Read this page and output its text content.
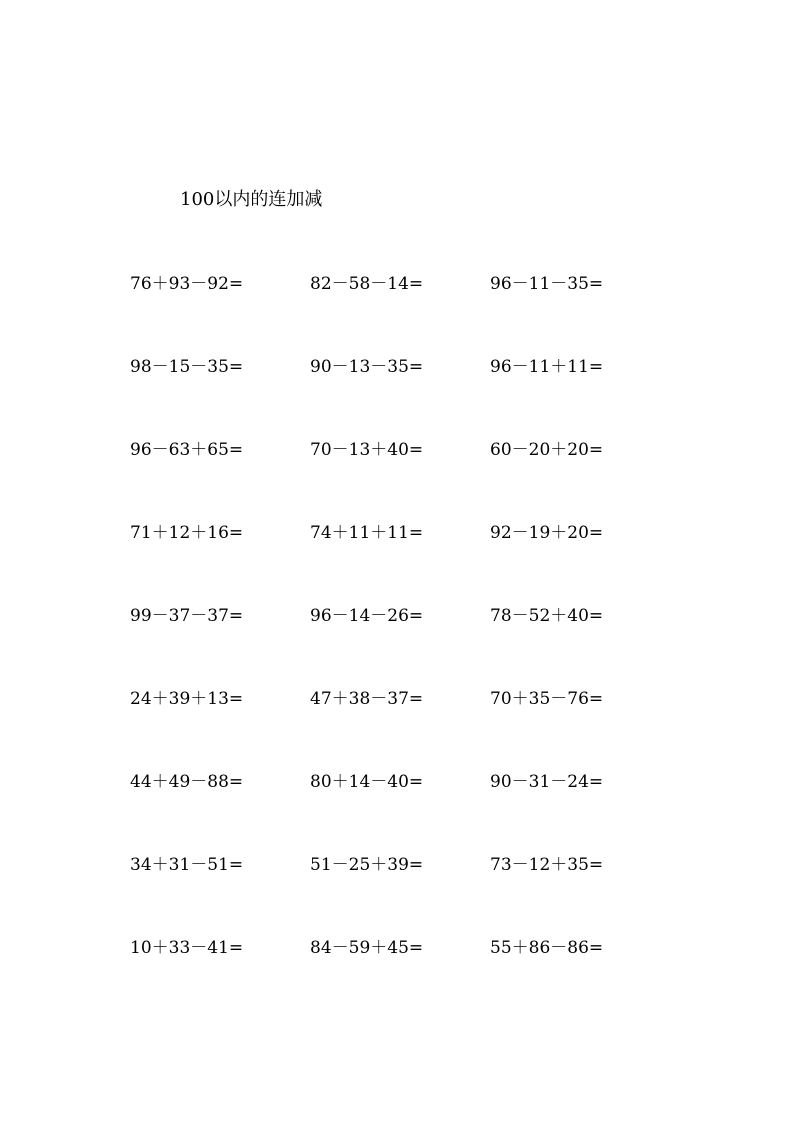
100以内的连加减
76＋93－92=	82－58－14=	96－11－35=
98－15－35=	90－13－35=	96－11＋11=
96－63＋65=	70－13＋40=	60－20＋20=
71＋12＋16=	74＋11＋11=	92－19＋20=
99－37－37=	96－14－26=	78－52＋40=
24＋39＋13=	47＋38－37=	70＋35－76=
44＋49－88=	80＋14－40=	90－31－24=
34＋31－51=	51－25＋39=	73－12＋35=
10＋33－41=	84－59＋45=	55＋86－86=
